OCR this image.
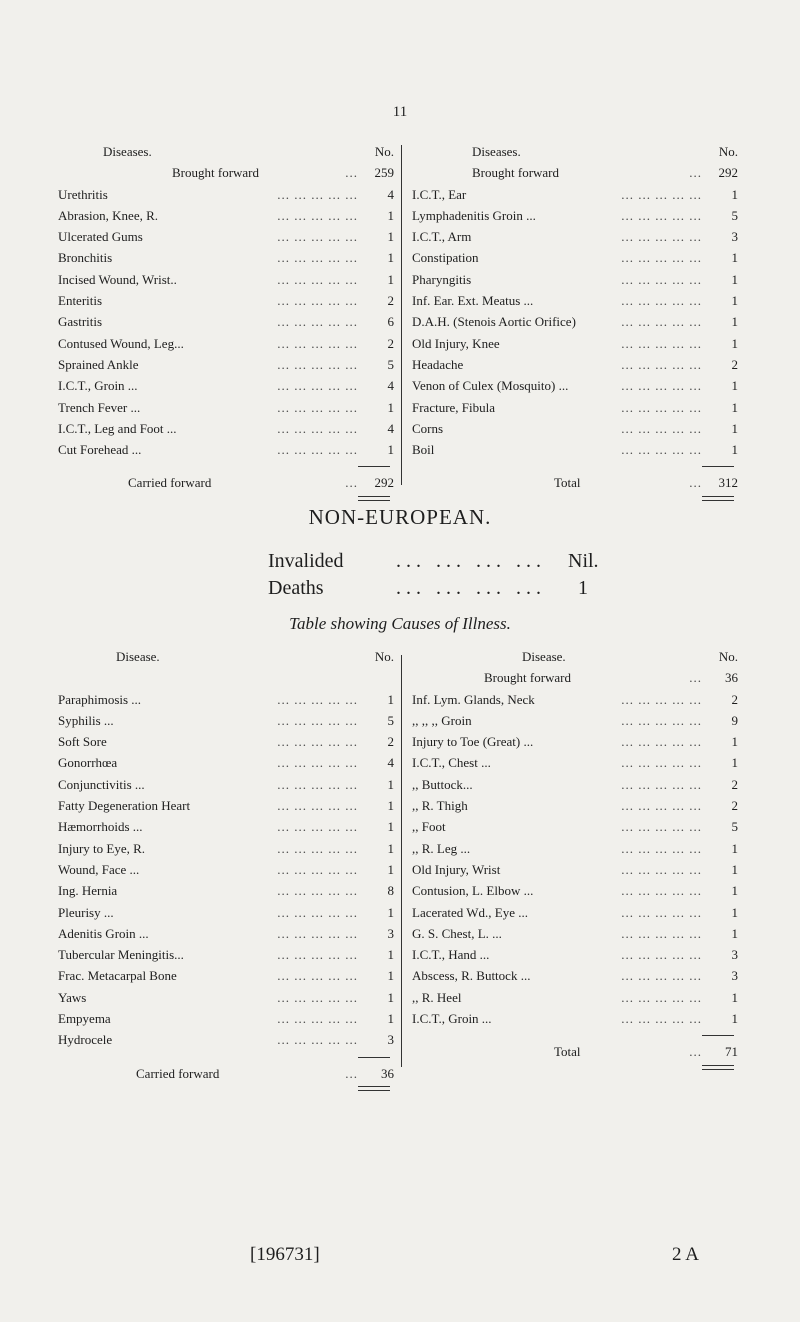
11
Diseases.	No.
Brought forward	...	259
... ... ... ... ...
Urethritis	4
... ... ... ... ...
Abrasion, Knee, R.	1
... ... ... ... ...
Ulcerated Gums	1
... ... ... ... ...
Bronchitis	1
... ... ... ... ...
Incised Wound, Wrist..	1
... ... ... ... ...
Enteritis	2
... ... ... ... ...
Gastritis	6
... ... ... ... ...
Contused Wound, Leg...	2
... ... ... ... ...
Sprained Ankle	5
... ... ... ... ...
I.C.T., Groin ...	4
... ... ... ... ...
Trench Fever ...	1
... ... ... ... ...
I.C.T., Leg and Foot ...	4
... ... ... ... ...
Cut Forehead ...	1
Carried forward	...	292
Diseases.	No.
Brought forward	...	292
... ... ... ... ...
I.C.T., Ear	1
... ... ... ... ...
Lymphadenitis Groin ...	5
... ... ... ... ...
I.C.T., Arm	3
... ... ... ... ...
Constipation	1
... ... ... ... ...
Pharyngitis	1
... ... ... ... ...
Inf. Ear. Ext. Meatus ...	1
... ... ... ... ...
D.A.H. (Stenois Aortic Orifice)	1
... ... ... ... ...
Old Injury, Knee	1
... ... ... ... ...
Headache	2
... ... ... ... ...
Venon of Culex (Mosquito) ...	1
... ... ... ... ...
Fracture, Fibula	1
... ... ... ... ...
Corns	1
... ... ... ... ...
Boil	1
Total	...	312
NON-EUROPEAN.
Invalided	. . .   . . .   . . .   . . . Nil.
Deaths	. . .   . . .   . . .   . . . 1
Table showing Causes of Illness.
Disease.	No.
... ... ... ... ...
Paraphimosis ...	1
... ... ... ... ...
Syphilis ...	5
... ... ... ... ...
Soft Sore	2
... ... ... ... ...
Gonorrhœa	4
... ... ... ... ...
Conjunctivitis ...	1
... ... ... ... ...
Fatty Degeneration Heart	1
... ... ... ... ...
Hæmorrhoids ...	1
... ... ... ... ...
Injury to Eye, R.	1
... ... ... ... ...
Wound, Face ...	1
... ... ... ... ...
Ing. Hernia	8
... ... ... ... ...
Pleurisy ...	1
... ... ... ... ...
Adenitis Groin ...	3
... ... ... ... ...
Tubercular Meningitis...	1
... ... ... ... ...
Frac. Metacarpal Bone	1
... ... ... ... ...
Yaws	1
... ... ... ... ...
Empyema	1
... ... ... ... ...
Hydrocele	3
Carried forward	...	36
Disease.	No.
Brought forward	...	36
... ... ... ... ...
Inf. Lym. Glands, Neck	2
... ... ... ... ...
,, ,, ,, Groin	9
... ... ... ... ...
Injury to Toe (Great) ...	1
... ... ... ... ...
I.C.T., Chest ...	1
... ... ... ... ...
,, Buttock...	2
... ... ... ... ...
,, R. Thigh	2
... ... ... ... ...
,, Foot	5
... ... ... ... ...
,, R. Leg ...	1
... ... ... ... ...
Old Injury, Wrist	1
... ... ... ... ...
Contusion, L. Elbow ...	1
... ... ... ... ...
Lacerated Wd., Eye ...	1
... ... ... ... ...
G. S. Chest, L. ...	1
... ... ... ... ...
I.C.T., Hand ...	3
... ... ... ... ...
Abscess, R. Buttock ...	3
... ... ... ... ...
,, R. Heel	1
... ... ... ... ...
I.C.T., Groin ...	1
Total	...	71
[196731]	2 A
